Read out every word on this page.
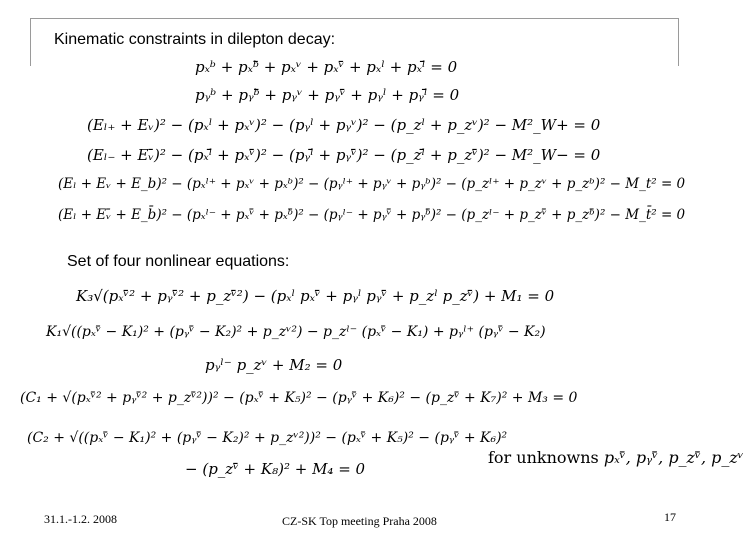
Kinematic constraints in dilepton decay:
pₓᵇ + pₓᵇ̄ + pₓᵛ + pₓᵛ̄ + pₓˡ + pₓˡ̄ = 0
pᵧᵇ + pᵧᵇ̄ + pᵧᵛ + pᵧᵛ̄ + pᵧˡ + pᵧˡ̄ = 0
(Eₗ₊ + Eᵥ)² − (pₓˡ + pₓᵛ)² − (pᵧˡ + pᵧᵛ)² − (p_zˡ + p_zᵛ)² − M²_W+ = 0
(Eₗ₋ + Eᵥ̄)² − (pₓˡ̄ + pₓᵛ̄)² − (pᵧˡ̄ + pᵧᵛ̄)² − (p_zˡ̄ + p_zᵛ̄)² − M²_W− = 0
(Eₗ + Eᵥ + E_b)² − (pₓˡ⁺ + pₓᵛ + pₓᵇ)² − (pᵧˡ⁺ + pᵧᵛ + pᵧᵇ)² − (p_zˡ⁺ + p_zᵛ + p_zᵇ)² − M_t² = 0
(Eₗ + Eᵥ̄ + E_b̄)² − (pₓˡ⁻ + pₓᵛ̄ + pₓᵇ̄)² − (pᵧˡ⁻ + pᵧᵛ̄ + pᵧᵇ̄)² − (p_zˡ⁻ + p_zᵛ̄ + p_zᵇ̄)² − M_t̄² = 0
Set of four nonlinear equations:
K₃√(pₓᵛ̄² + pᵧᵛ̄² + p_zᵛ̄²) − (pₓˡ pₓᵛ̄ + pᵧˡ pᵧᵛ̄ + p_zˡ p_zᵛ̄) + M₁ = 0
K₁√((pₓᵛ̄ − K₁)² + (pᵧᵛ̄ − K₂)² + p_zᵛ²) − p_zˡ⁻ (pₓᵛ̄ − K₁) + pᵧˡ⁺ (pᵧᵛ̄ − K₂)
pᵧˡ⁻ p_zᵛ + M₂ = 0
(C₁ + √(pₓᵛ̄² + pᵧᵛ̄² + p_zᵛ̄²))² − (pₓᵛ̄ + K₅)² − (pᵧᵛ̄ + K₆)² − (p_zᵛ̄ + K₇)² + M₃ = 0
(C₂ + √((pₓᵛ̄ − K₁)² + (pᵧᵛ̄ − K₂)² + p_zᵛ²))² − (pₓᵛ̄ + K₅)² − (pᵧᵛ̄ + K₆)²
− (p_zᵛ̄ + K₈)² + M₄ = 0
for unknowns pₓᵛ̄, pᵧᵛ̄, p_zᵛ̄, p_zᵛ
31.1.-1.2. 2008	CZ-SK Top meeting Praha 2008	17
